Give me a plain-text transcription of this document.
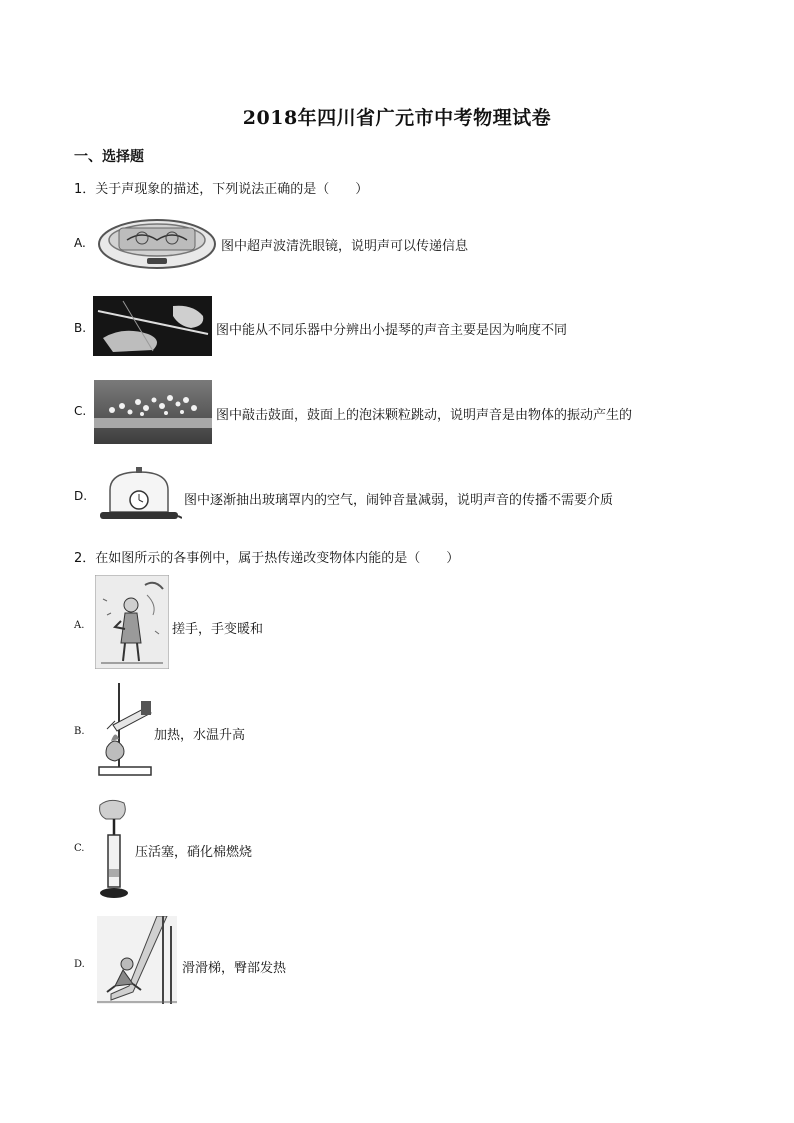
2018年四川省广元市中考物理试卷
一、选择题
1．关于声现象的描述，下列说法正确的是（　　）
A.	图中超声波清洗眼镜，说明声可以传递信息
B.	图中能从不同乐器中分辨出小提琴的声音主要是因为响度不同
C.	图中敲击鼓面，鼓面上的泡沫颗粒跳动，说明声音是由物体的振动产生的
D.	图中逐渐抽出玻璃罩内的空气，闹钟音量减弱，说明声音的传播不需要介质
2．在如图所示的各事例中，属于热传递改变物体内能的是（　　）
A.	搓手，手变暖和
B.	加热，水温升高
C.	压活塞，硝化棉燃烧
D.	滑滑梯，臀部发热
